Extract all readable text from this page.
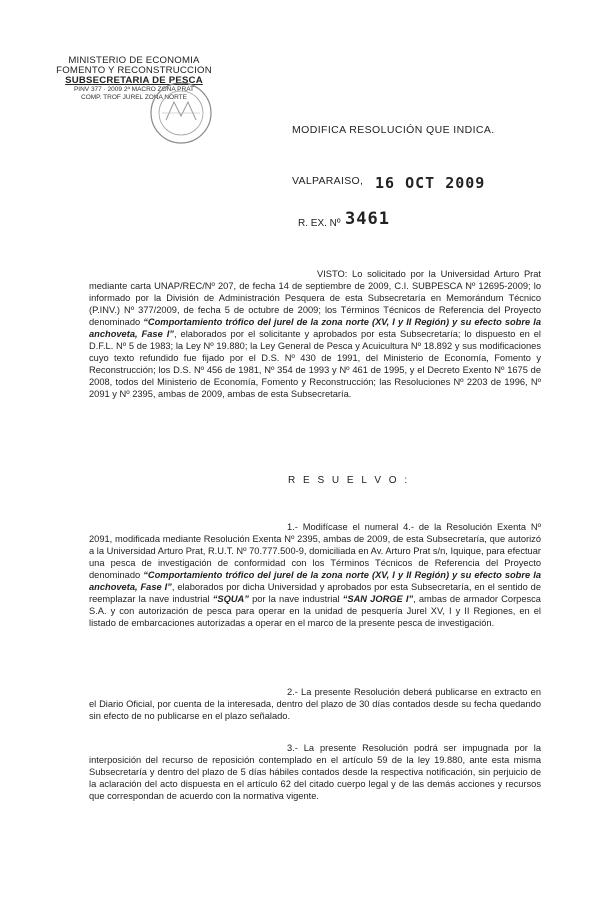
MINISTERIO DE ECONOMIA
FOMENTO Y RECONSTRUCCION
SUBSECRETARIA DE PESCA
PINV 377 · 2009 2ª MACRO ZONA PRAT
COMP. TROF JUREL ZONA NORTE
MODIFICA RESOLUCIÓN QUE INDICA.
VALPARAISO, 16 OCT 2009
R. EX. Nº 3461
VISTO: Lo solicitado por la Universidad Arturo Prat mediante carta UNAP/REC/Nº 207, de fecha 14 de septiembre de 2009, C.I. SUBPESCA Nº 12695-2009; lo informado por la División de Administración Pesquera de esta Subsecretaría en Memorándum Técnico (P.INV.) Nº 377/2009, de fecha 5 de octubre de 2009; los Términos Técnicos de Referencia del Proyecto denominado “Comportamiento trófico del jurel de la zona norte (XV, I y II Región) y su efecto sobre la anchoveta, Fase I”, elaborados por el solicitante y aprobados por esta Subsecretaría; lo dispuesto en el D.F.L. Nº 5 de 1983; la Ley Nº 19.880; la Ley General de Pesca y Acuicultura Nº 18.892 y sus modificaciones cuyo texto refundido fue fijado por el D.S. Nº 430 de 1991, del Ministerio de Economía, Fomento y Reconstrucción; los D.S. Nº 456 de 1981, Nº 354 de 1993 y Nº 461 de 1995, y el Decreto Exento Nº 1675 de 2008, todos del Ministerio de Economía, Fomento y Reconstrucción; las Resoluciones Nº 2203 de 1996, Nº 2091 y Nº 2395, ambas de 2009, ambas de esta Subsecretaría.
R E S U E L V O :
1.- Modifícase el numeral 4.- de la Resolución Exenta Nº 2091, modificada mediante Resolución Exenta Nº 2395, ambas de 2009, de esta Subsecretaría, que autorizó a la Universidad Arturo Prat, R.U.T. Nº 70.777.500-9, domiciliada en Av. Arturo Prat s/n, Iquique, para efectuar una pesca de investigación de conformidad con los Términos Técnicos de Referencia del Proyecto denominado “Comportamiento trófico del jurel de la zona norte (XV, I y II Región) y su efecto sobre la anchoveta, Fase I”, elaborados por dicha Universidad y aprobados por esta Subsecretaría, en el sentido de reemplazar la nave industrial “SQUA” por la nave industrial “SAN JORGE I”, ambas de armador Corpesca S.A. y con autorización de pesca para operar en la unidad de pesquería Jurel XV, I y II Regiones, en el listado de embarcaciones autorizadas a operar en el marco de la presente pesca de investigación.
2.- La presente Resolución deberá publicarse en extracto en el Diario Oficial, por cuenta de la interesada, dentro del plazo de 30 días contados desde su fecha quedando sin efecto de no publicarse en el plazo señalado.
3.- La presente Resolución podrá ser impugnada por la interposición del recurso de reposición contemplado en el artículo 59 de la ley 19.880, ante esta misma Subsecretaría y dentro del plazo de 5 días hábiles contados desde la respectiva notificación, sin perjuicio de la aclaración del acto dispuesta en el artículo 62 del citado cuerpo legal y de las demás acciones y recursos que correspondan de acuerdo con la normativa vigente.
